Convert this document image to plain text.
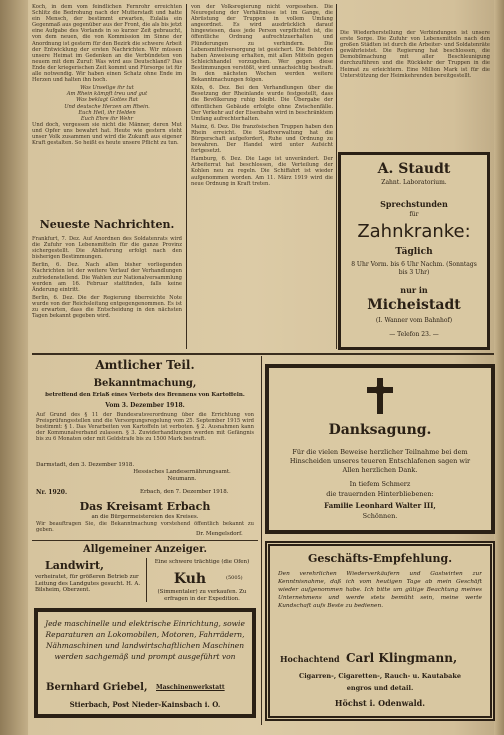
Koch, in dem vom feindlichen Fernrohr erreichten Schlitz die Bedrohung nach der Mutterstadt und hatte ein Mensch, der bestimmt erwarten, Eulalia ein Gegenmaß aus gegenüber aus der Front, die als bis jetzt eine Aufgabe des Vorlands in so kurzer Zeit gebraucht, von dem neuen, die von Kommission im Sinne der Anordnung ist gestern für den Bezirk die schwere Arbeit der Entwicklung der ersten Nachrichten. Wir müssen unsere Heimat im Gedenken an die Verbündeten von neuem mit dem Zuruf: Was wird aus Deutschland? Das Ende der kriegerischen Zeit kommt und Fürsorge ist für alle notwendig. Wir haben einen Schatz ohne Ende im Herzen und halten ihn hoch.

Was Unselige ihr tut
Am Rhein kämpft treu und gut
Was beklagt Gottes Rat
Und deutsche Herzen am Rhein.
Euch Heil, ihr Helden
Euch Ehre ihr Wehr

Und doch, vergessen sie nicht die Männer, deren Mut und Opfer uns bewahrt hat. Heute wie gestern steht unser Volk zusammen und wird die Zukunft aus eigener Kraft gestalten. So heißt es heute unsere Pflicht zu tun.

Neueste Nachrichten.

Frankfurt, 7. Dez. Auf Anordnen des Soldatenrats wird die Zufuhr von Lebensmitteln für die ganze Provinz sichergestellt. Die Ablieferung erfolgt nach den bisherigen Bestimmungen.

Berlin, 6. Dez. Nach allen bisher vorliegenden Nachrichten ist der weitere Verlauf der Verhandlungen zufriedenstellend. Die Wahlen zur Nationalversammlung werden am 16. Februar stattfinden, falls keine Änderung eintritt.

Berlin, 6. Dez. Die der Regierung überreichte Note wurde von der Reichsleitung entgegengenommen. Es ist zu erwarten, dass die Entscheidung in den nächsten Tagen bekannt gegeben wird.

von der Volksregierung nicht vorgesehen. Die Neuregelung der Verhältnisse ist im Gange, die Abrüstung der Truppen in vollem Umfang angeordnet. Es wird ausdrücklich darauf hingewiesen, dass jede Person verpflichtet ist, die öffentliche Ordnung aufrechtzuerhalten und Plünderungen zu verhindern. Die Lebensmittelversorgung ist gesichert. Die Behörden haben Anweisung erhalten, mit allen Mitteln gegen Schleichhandel vorzugehen. Wer gegen diese Bestimmungen verstößt, wird unnachsichtig bestraft. In den nächsten Wochen werden weitere Bekanntmachungen folgen.

Köln, 6. Dez. Bei den Verhandlungen über die Besetzung der Rheinlande wurde festgestellt, dass die Bevölkerung ruhig bleibt. Die Übergabe der öffentlichen Gebäude erfolgte ohne Zwischenfälle. Der Verkehr auf der Eisenbahn wird in beschränktem Umfang aufrechterhalten.

Mainz, 6. Dez. Die französischen Truppen haben den Rhein erreicht. Die Stadtverwaltung hat die Bürgerschaft aufgefordert, Ruhe und Ordnung zu bewahren. Der Handel wird unter Aufsicht fortgesetzt.

Hamburg, 6. Dez. Die Lage ist unverändert. Der Arbeiterrat hat beschlossen, die Verteilung der Kohlen neu zu regeln. Die Schiffahrt ist wieder aufgenommen worden. Am 11. März 1919 wird die neue Ordnung in Kraft treten.

Die Wiederherstellung der Verbindungen ist unsere erste Sorge. Die Zufuhr von Lebensmitteln nach den großen Städten ist durch die Arbeiter- und Soldatenräte gewährleistet. Die Regierung hat beschlossen, die Demobilmachung mit aller Beschleunigung durchzuführen und die Rückkehr der Truppen in die Heimat zu erleichtern. Eine Million Mark ist für die Unterstützung der Heimkehrenden bereitgestellt.

A. Staudt
Zahnt. Laboratorium.
Sprechstunden
für
Zahnkranke:
Täglich
8 Uhr Vorm. bis 6 Uhr Nachm. (Sonntags bis 3 Uhr)
nur in
Micheistadt
(I. Wanner vom Bahnhof)
— Telefon 23. —
Amtlicher Teil.
Bekanntmachung,
betreffend den Erlaß eines Verbots des Brennens von Kartoffeln.
Vom 3. Dezember 1918.
Auf Grund des § 11 der Bundesratsverordnung über die Errichtung von Preisprüfungsstellen und die Versorgungsregelung vom 25. September 1915 wird bestimmt: § 1. Das Verarbeiten von Kartoffeln ist verboten. § 2. Ausnahmen kann der Kommunalverband zulassen. § 3. Zuwiderhandlungen werden mit Gefängnis bis zu 6 Monaten oder mit Geldstrafe bis zu 1500 Mark bestraft.
Darmstadt, den 3. Dezember 1918.
Hessisches Landesernährungsamt.
Neumann.
Nr. 1920.	Erbach, den 7. Dezember 1918.
Das Kreisamt Erbach
an die Bürgermeistereien des Kreises.
Wir beauftragen Sie, die Bekanntmachung vorstehend öffentlich bekannt zu geben.
Dr. Mengelsdorf.
Danksagung.
Für die vielen Beweise herzlicher Teilnahme bei dem Hinscheiden unseres teueren Entschlafenen sagen wir Allen herzlichen Dank.
In tiefem Schmerz
die trauernden Hinterbliebenen:
Familie Leonhard Walter III,
Schönnen.
Allgemeiner Anzeiger.
Landwirt,
verheiratet, für größeren Betrieb zur Leitung des Landgutes gesucht. H. A. Bilsheim, Oberzent.
Eine schwere trächtige (die Ofen)
Kuh	(5005)
(Simmentaler) zu verkaufen. Zu erfragen in der Expedition.
Jede maschinelle und elektrische Einrichtung, sowie Reparaturen an Lokomobilen, Motoren, Fahrrädern, Nähmaschinen und landwirtschaftlichen Maschinen werden sachgemäß und prompt ausgeführt von
Bernhard Griebel,	Maschinenwerkstatt
Stierbach, Post Nieder-Kainsbach i. O.
Geschäfts-Empfehlung.
Den verehrlichen Wiederverkäufern und Gastwirten zur Kenntnisnahme, daß ich vom heutigen Tage ab mein Geschäft wieder aufgenommen habe. Ich bitte um gütige Beachtung meines Unternehmens und werde stets bemüht sein, meine werte Kundschaft aufs Beste zu bedienen.
Hochachtend Carl Klingmann,
Cigarren-, Cigaretten-, Rauch- u. Kautabake
engros und detail.
Höchst i. Odenwald.
